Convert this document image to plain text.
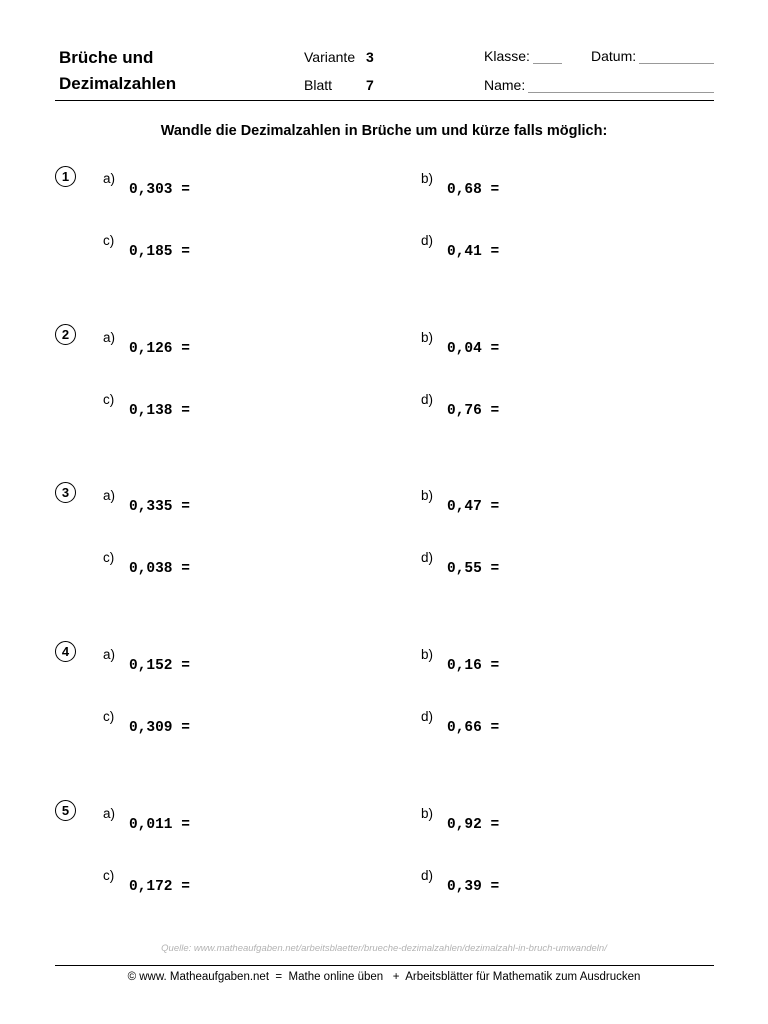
Brüche und
Dezimalzahlen
Variante 3
Blatt 7
Klasse:	Datum:
Name:
Wandle die Dezimalzahlen in Brüche um und kürze falls möglich:
1	a)
0,303 =
b)
0,68 =
c)
0,185 =
d)
0,41 =
2	a)
0,126 =
b)
0,04 =
c)
0,138 =
d)
0,76 =
3	a)
0,335 =
b)
0,47 =
c)
0,038 =
d)
0,55 =
4	a)
0,152 =
b)
0,16 =
c)
0,309 =
d)
0,66 =
5	a)
0,011 =
b)
0,92 =
c)
0,172 =
d)
0,39 =
Quelle: www.matheaufgaben.net/arbeitsblaetter/brueche-dezimalzahlen/dezimalzahl-in-bruch-umwandeln/
© www. Matheaufgaben.net  =  Mathe online üben   +  Arbeitsblätter für Mathematik zum Ausdrucken
